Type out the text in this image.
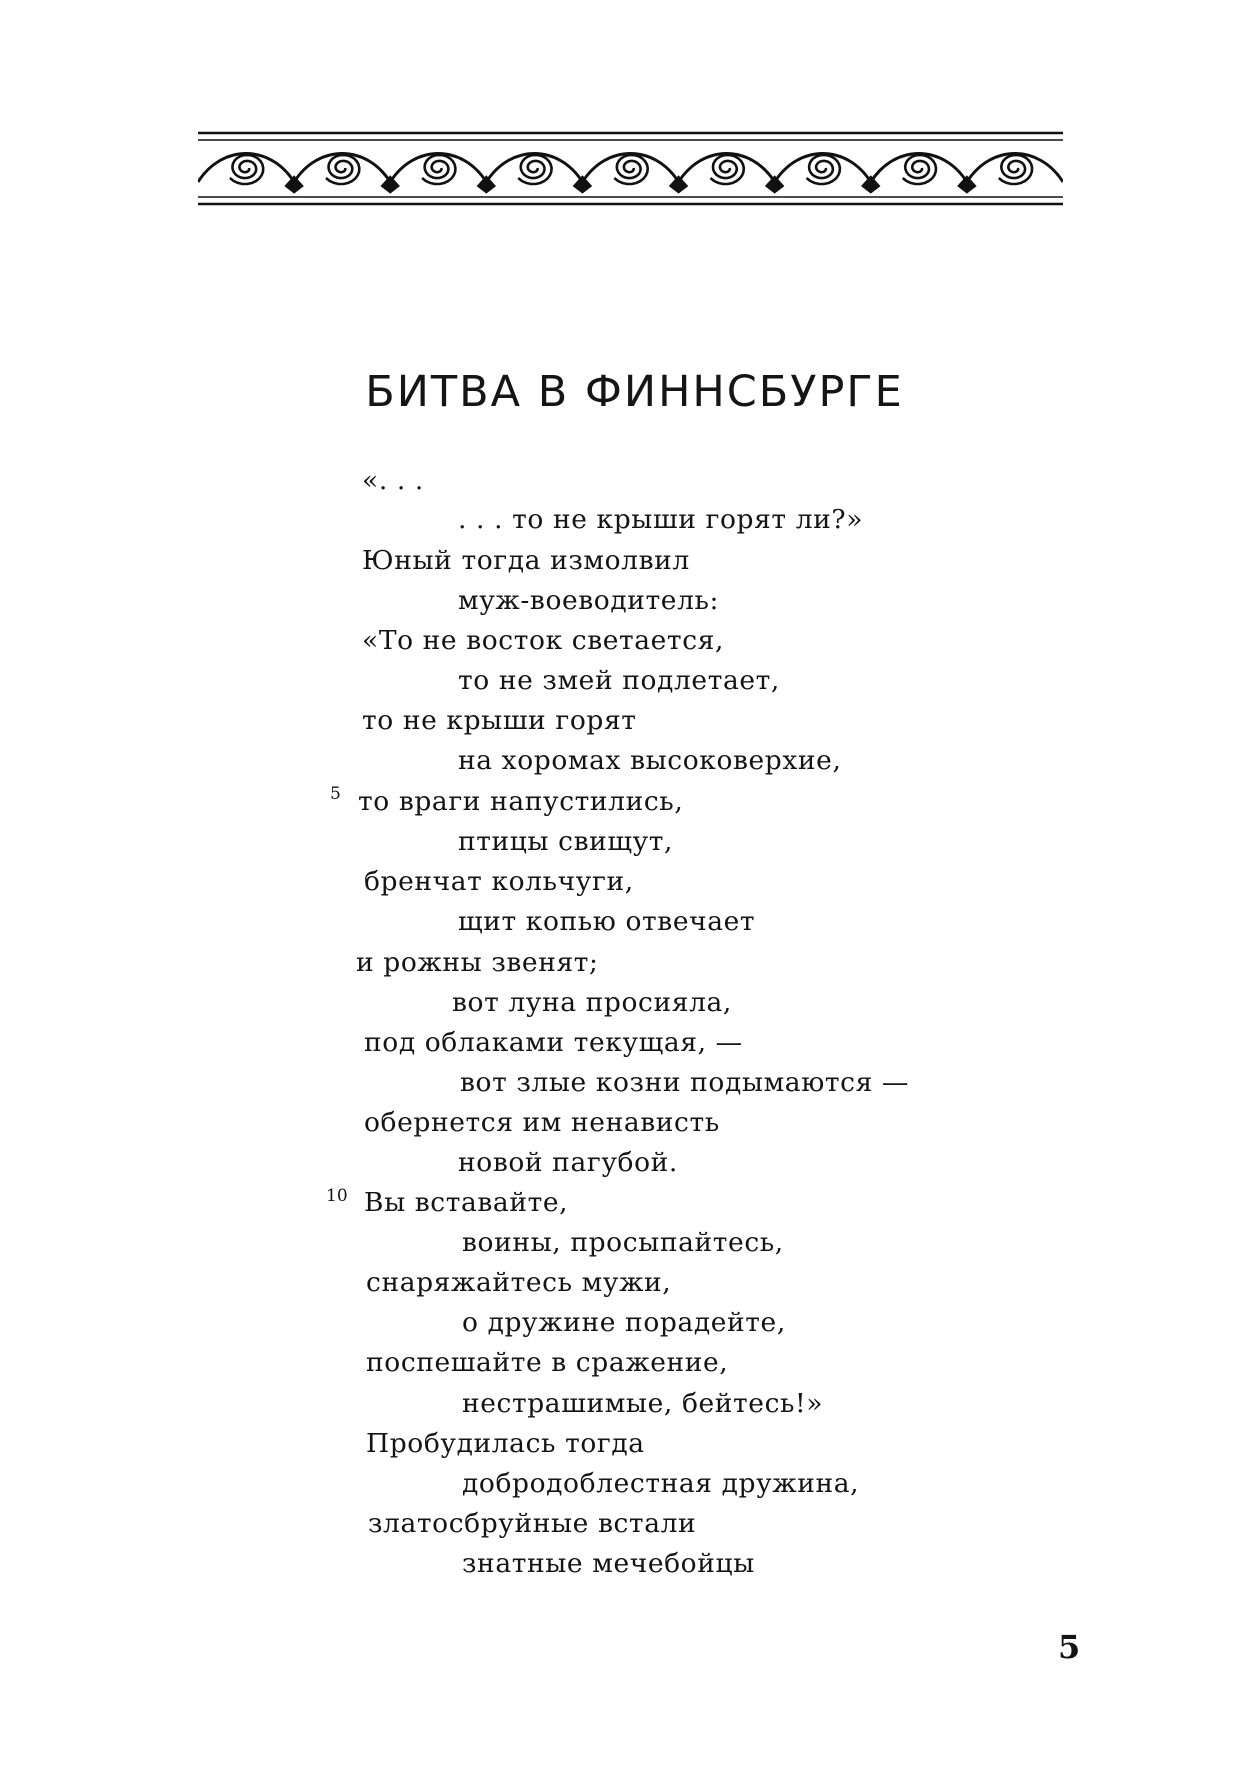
БИТВА В ФИННСБУРГЕ
«. . .
. . . то не крыши горят ли?»
Юный тогда измолвил
муж-воеводитель:
«То не восток светается,
то не змей подлетает,
то не крыши горят
на хоромах высоковерхие,
5 то враги напустились,
птицы свищут,
бренчат кольчуги,
щит копью отвечает
и рожны звенят;
вот луна просияла,
под облаками текущая, —
вот злые козни подымаются —
обернется им ненависть
новой пагубой.
10 Вы вставайте,
воины, просыпайтесь,
снаряжайтесь мужи,
о дружине порадейте,
поспешайте в сражение,
нестрашимые, бейтесь!»
Пробудилась тогда
добродоблестная дружина,
златосбруйные встали
знатные мечебойцы
5
